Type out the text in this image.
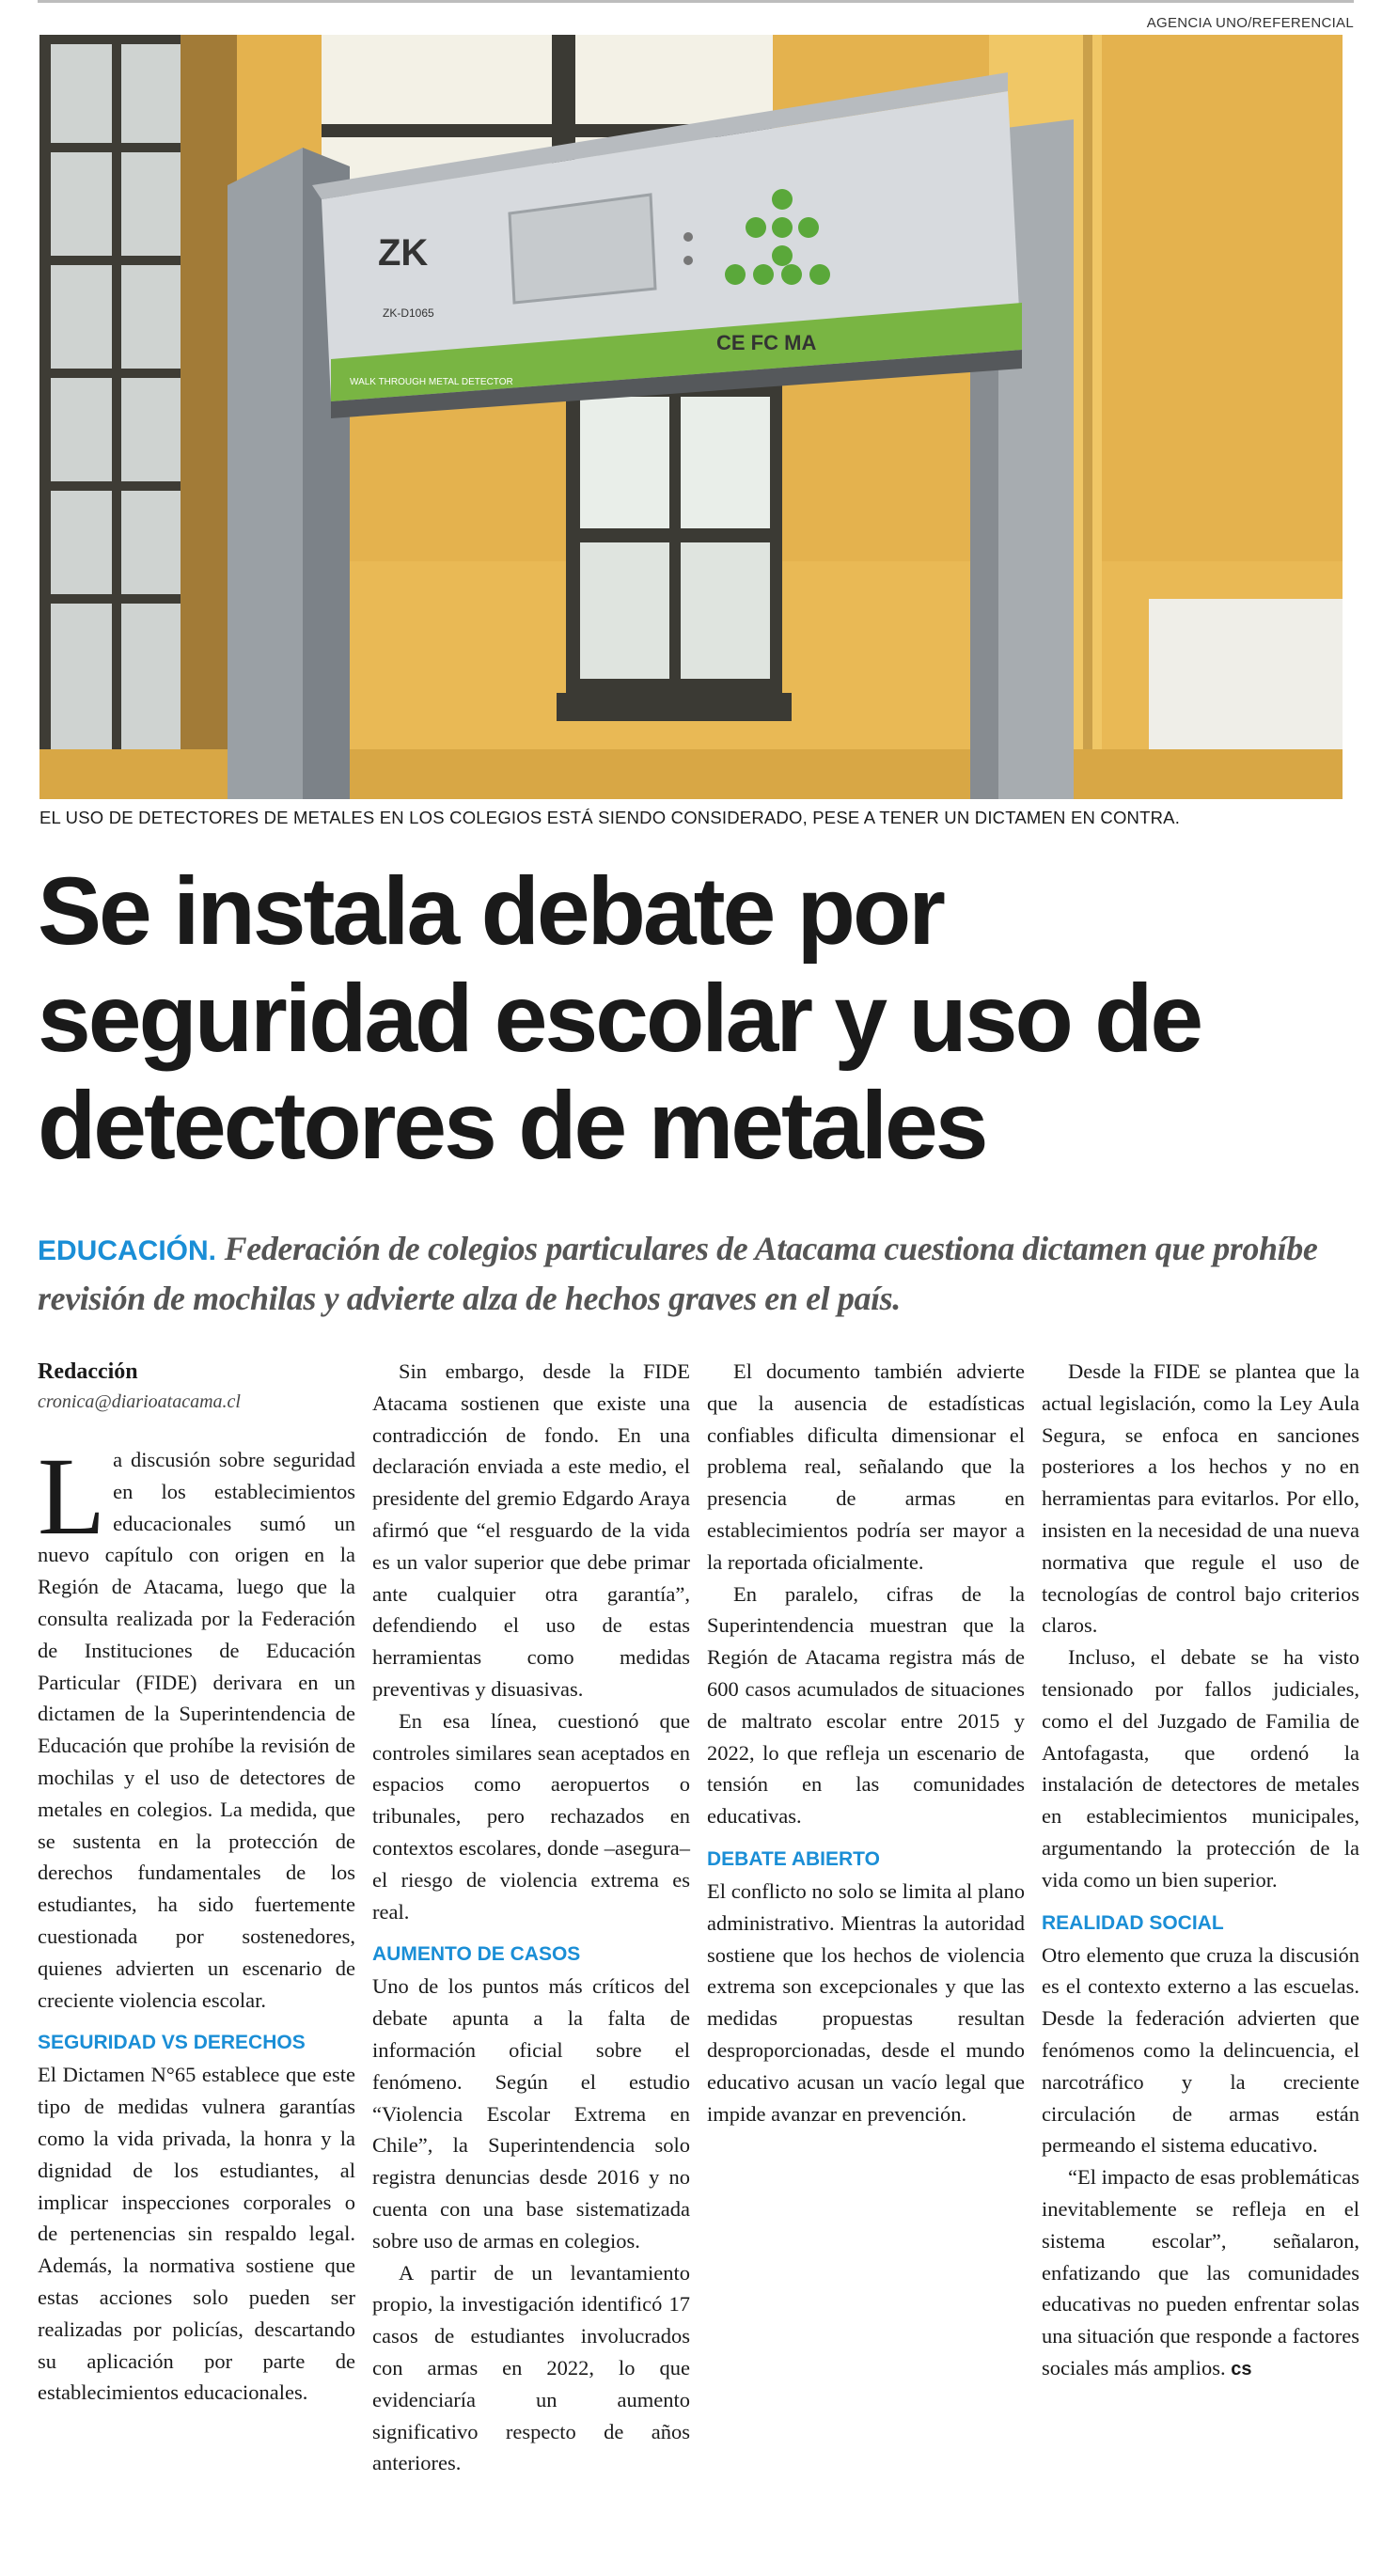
AGENCIA UNO/REFERENCIAL
ZK
ZK-D1065
WALK THROUGH METAL DETECTOR
CE FC MA
EL USO DE DETECTORES DE METALES EN LOS COLEGIOS ESTÁ SIENDO CONSIDERADO, PESE A TENER UN DICTAMEN EN CONTRA.
Se instala debate por seguridad escolar y uso de detectores de metales
EDUCACIÓN. Federación de colegios particulares de Atacama cuestiona dictamen que prohíbe revisión de mochilas y advierte alza de hechos graves en el país.
Redacción
cronica@diarioatacama.cl

La discusión sobre seguridad en los establecimientos educacionales sumó un nuevo capítulo con origen en la Región de Atacama, luego que la consulta realizada por la Federación de Instituciones de Educación Particular (FIDE) derivara en un dictamen de la Superintendencia de Educación que prohíbe la revisión de mochilas y el uso de detectores de metales en colegios. La medida, que se sustenta en la protección de derechos fundamentales de los estudiantes, ha sido fuertemente cuestionada por sostenedores, quienes advierten un escenario de creciente violencia escolar.

SEGURIDAD VS DERECHOS

El Dictamen N°65 establece que este tipo de medidas vulnera garantías como la vida privada, la honra y la dignidad de los estudiantes, al implicar inspecciones corporales o de pertenencias sin respaldo legal. Además, la normativa sostiene que estas acciones solo pueden ser realizadas por policías, descartando su aplicación por parte de establecimientos educacionales.

Sin embargo, desde la FIDE Atacama sostienen que existe una contradicción de fondo. En una declaración enviada a este medio, el presidente del gremio Edgardo Araya afirmó que “el resguardo de la vida es un valor superior que debe primar ante cualquier otra garantía”, defendiendo el uso de estas herramientas como medidas preventivas y disuasivas.

En esa línea, cuestionó que controles similares sean aceptados en espacios como aeropuertos o tribunales, pero rechazados en contextos escolares, donde –asegura– el riesgo de violencia extrema es real.

AUMENTO DE CASOS

Uno de los puntos más críticos del debate apunta a la falta de información oficial sobre el fenómeno. Según el estudio “Violencia Escolar Extrema en Chile”, la Superintendencia solo registra denuncias desde 2016 y no cuenta con una base sistematizada sobre uso de armas en colegios.

A partir de un levantamiento propio, la investigación identificó 17 casos de estudiantes involucrados con armas en 2022, lo que evidenciaría un aumento significativo respecto de años anteriores.

El documento también advierte que la ausencia de estadísticas confiables dificulta dimensionar el problema real, señalando que la presencia de armas en establecimientos podría ser mayor a la reportada oficialmente.

En paralelo, cifras de la Superintendencia muestran que la Región de Atacama registra más de 600 casos acumulados de situaciones de maltrato escolar entre 2015 y 2022, lo que refleja un escenario de tensión en las comunidades educativas.

DEBATE ABIERTO

El conflicto no solo se limita al plano administrativo. Mientras la autoridad sostiene que los hechos de violencia extrema son excepcionales y que las medidas propuestas resultan desproporcionadas, desde el mundo educativo acusan un vacío legal que impide avanzar en prevención.

Desde la FIDE se plantea que la actual legislación, como la Ley Aula Segura, se enfoca en sanciones posteriores a los hechos y no en herramientas para evitarlos. Por ello, insisten en la necesidad de una nueva normativa que regule el uso de tecnologías de control bajo criterios claros.

Incluso, el debate se ha visto tensionado por fallos judiciales, como el del Juzgado de Familia de Antofagasta, que ordenó la instalación de detectores de metales en establecimientos municipales, argumentando la protección de la vida como un bien superior.

REALIDAD SOCIAL

Otro elemento que cruza la discusión es el contexto externo a las escuelas. Desde la federación advierten que fenómenos como la delincuencia, el narcotráfico y la creciente circulación de armas están permeando el sistema educativo.

“El impacto de esas problemáticas inevitablemente se refleja en el sistema escolar”, señalaron, enfatizando que las comunidades educativas no pueden enfrentar solas una situación que responde a factores sociales más amplios. cs
